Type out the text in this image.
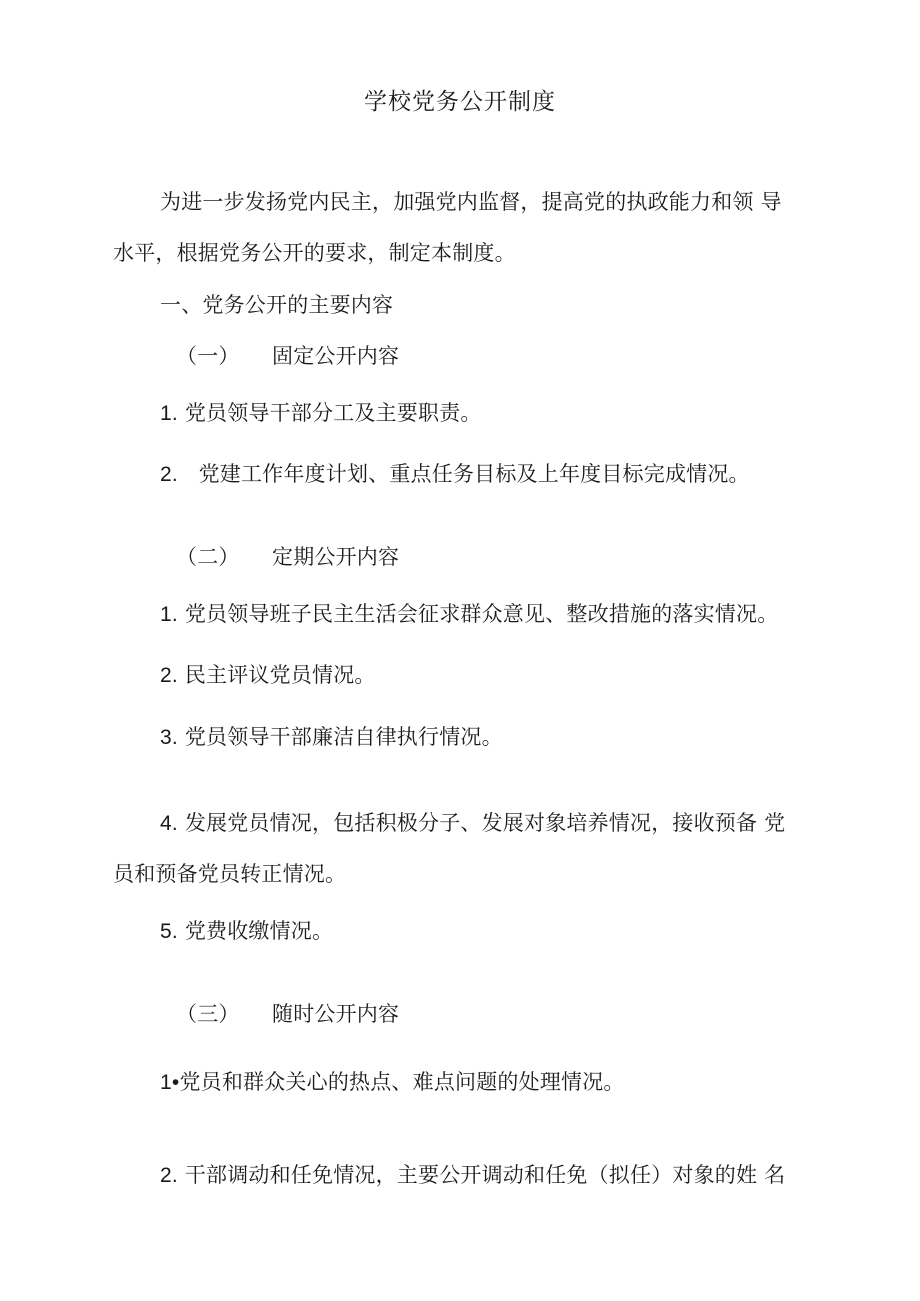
学校党务公开制度
为进一步发扬党内民主，加强党内监督，提高党的执政能力和领 导
水平，根据党务公开的要求，制定本制度。
一、党务公开的主要内容
（一） 固定公开内容
1. 党员领导干部分工及主要职责。
2. 党建工作年度计划、重点任务目标及上年度目标完成情况。
（二） 定期公开内容
1. 党员领导班子民主生活会征求群众意见、整改措施的落实情况。
2. 民主评议党员情况。
3. 党员领导干部廉洁自律执行情况。
4. 发展党员情况，包括积极分子、发展对象培养情况，接收预备 党
员和预备党员转正情况。
5. 党费收缴情况。
（三） 随时公开内容
1•党员和群众关心的热点、难点问题的处理情况。
2. 干部调动和任免情况，主要公开调动和任免（拟任）对象的姓 名
